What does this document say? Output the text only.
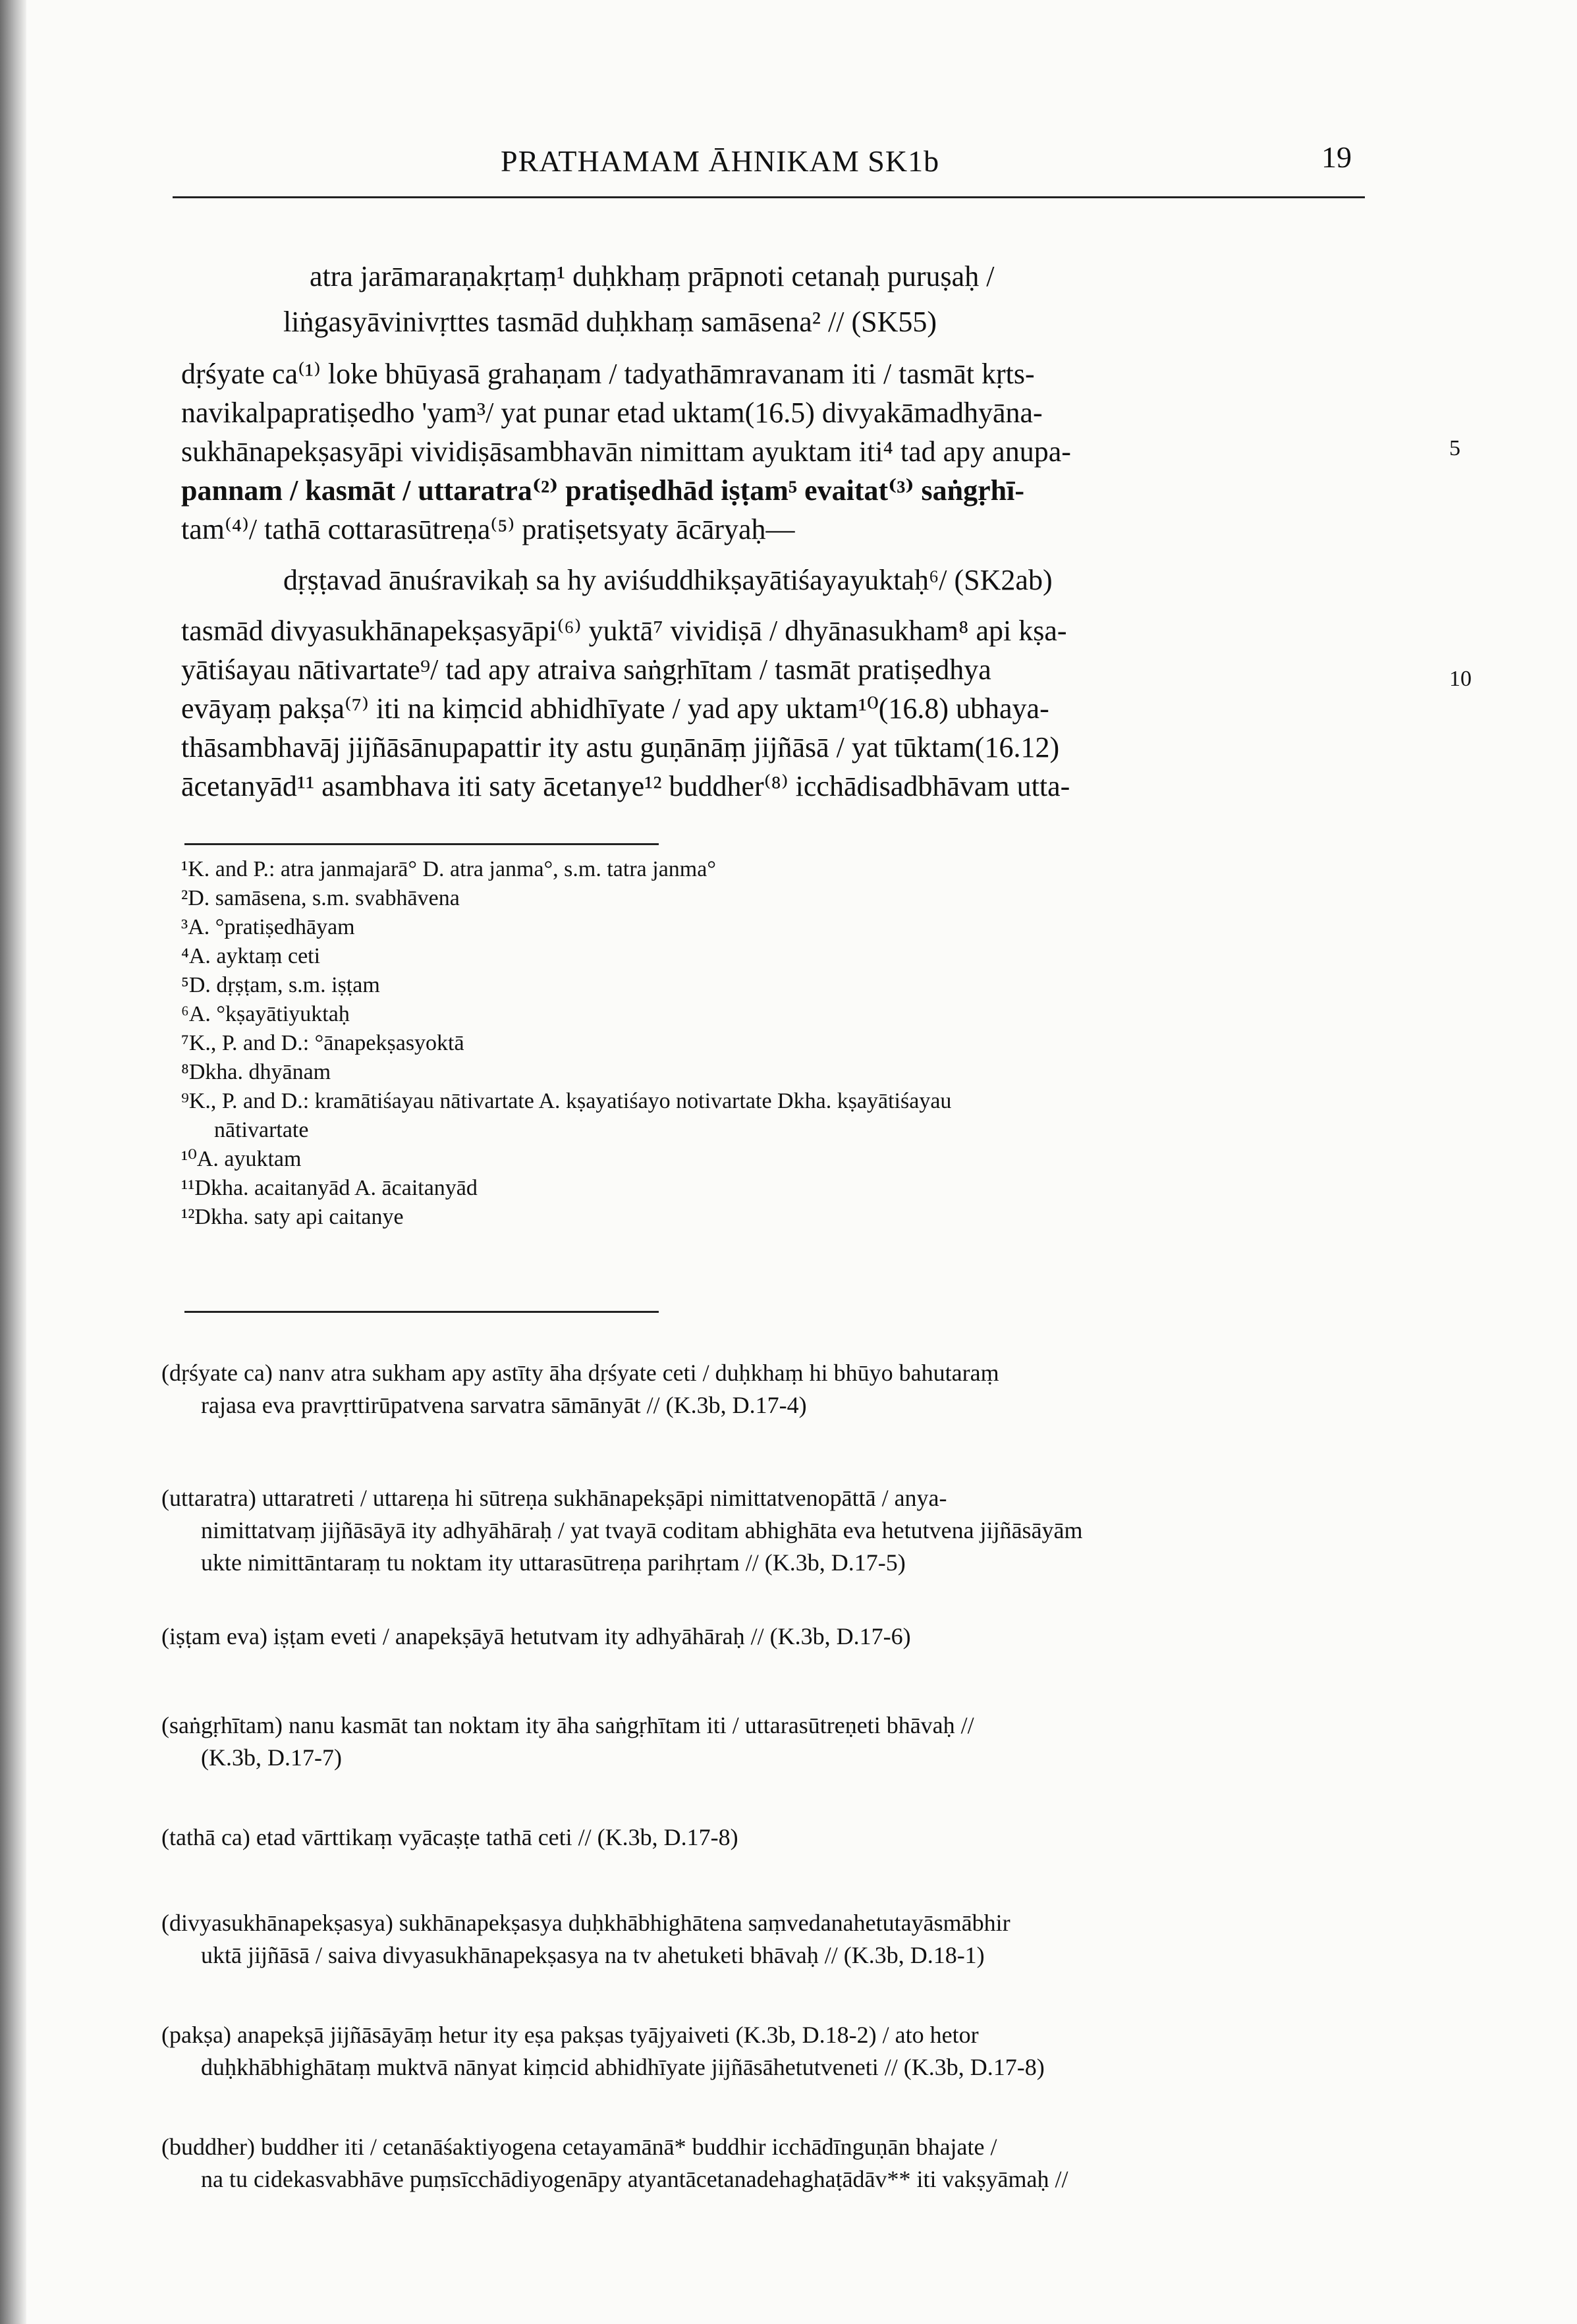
PRATHAMAM ĀHNIKAM SK1b	19
atra jarāmaraṇakṛtaṃ¹ duḥkhaṃ prāpnoti cetanaḥ puruṣaḥ /
liṅgasyāvinivṛttes tasmād duḥkhaṃ samāsena² // (SK55)
dṛśyate ca⁽¹⁾ loke bhūyasā grahaṇam / tadyathāmravanam iti / tasmāt kṛts-
navikalpapratiṣedho 'yam³/ yat punar etad uktam(16.5) divyakāmadhyāna-
sukhānapekṣasyāpi vividiṣāsambhavān nimittam ayuktam iti⁴ tad apy anupa-
pannam / kasmāt / uttaratra⁽²⁾ pratiṣedhād iṣṭam⁵ evaitat⁽³⁾ saṅgṛhī-
tam⁽⁴⁾/ tathā cottarasūtreṇa⁽⁵⁾ pratiṣetsyaty ācāryaḥ—
dṛṣṭavad ānuśravikaḥ sa hy aviśuddhikṣayātiśayayuktaḥ⁶/ (SK2ab)
tasmād divyasukhānapekṣasyāpi⁽⁶⁾ yuktā⁷ vividiṣā / dhyānasukham⁸ api kṣa-
yātiśayau nātivartate⁹/ tad apy atraiva saṅgṛhītam / tasmāt pratiṣedhya
evāyaṃ pakṣa⁽⁷⁾ iti na kiṃcid abhidhīyate / yad apy uktam¹⁰(16.8) ubhaya-
thāsambhavāj jijñāsānupapattir ity astu guṇānāṃ jijñāsā / yat tūktam(16.12)
ācetanyād¹¹ asambhava iti saty ācetanye¹² buddher⁽⁸⁾ icchādisadbhāvam utta-
5
10
¹K. and P.: atra janmajarā° D. atra janma°, s.m. tatra janma°
²D. samāsena, s.m. svabhāvena
³A. °pratiṣedhāyam
⁴A. ayktaṃ ceti
⁵D. dṛṣṭam, s.m. iṣṭam
⁶A. °kṣayātiyuktaḥ
⁷K., P. and D.: °ānapekṣasyoktā
⁸Dkha. dhyānam
⁹K., P. and D.: kramātiśayau nātivartate A. kṣayatiśayo notivartate Dkha. kṣayātiśayau
nātivartate
¹⁰A. ayuktam
¹¹Dkha. acaitanyād A. ācaitanyād
¹²Dkha. saty api caitanye
(dṛśyate ca) nanv atra sukham apy astīty āha dṛśyate ceti / duḥkhaṃ hi bhūyo bahutaraṃ
rajasa eva pravṛttirūpatvena sarvatra sāmānyāt // (K.3b, D.17-4)
(uttaratra) uttaratreti / uttareṇa hi sūtreṇa sukhānapekṣāpi nimittatvenopāttā / anya-
nimittatvaṃ jijñāsāyā ity adhyāhāraḥ / yat tvayā coditam abhighāta eva hetutvena jijñāsāyām
ukte nimittāntaraṃ tu noktam ity uttarasūtreṇa parihṛtam // (K.3b, D.17-5)
(iṣṭam eva) iṣṭam eveti / anapekṣāyā hetutvam ity adhyāhāraḥ // (K.3b, D.17-6)
(saṅgṛhītam) nanu kasmāt tan noktam ity āha saṅgṛhītam iti / uttarasūtreṇeti bhāvaḥ //
(K.3b, D.17-7)
(tathā ca) etad vārttikaṃ vyācaṣṭe tathā ceti // (K.3b, D.17-8)
(divyasukhānapekṣasya) sukhānapekṣasya duḥkhābhighātena saṃvedanahetutayāsmābhir
uktā jijñāsā / saiva divyasukhānapekṣasya na tv ahetuketi bhāvaḥ // (K.3b, D.18-1)
(pakṣa) anapekṣā jijñāsāyāṃ hetur ity eṣa pakṣas tyājyaiveti (K.3b, D.18-2) / ato hetor
duḥkhābhighātaṃ muktvā nānyat kiṃcid abhidhīyate jijñāsāhetutveneti // (K.3b, D.17-8)
(buddher) buddher iti / cetanāśaktiyogena cetayamānā* buddhir icchādīnguṇān bhajate /
na tu cidekasvabhāve puṃsīcchādiyogenāpy atyantācetanadehaghaṭādāv** iti vakṣyāmaḥ //
